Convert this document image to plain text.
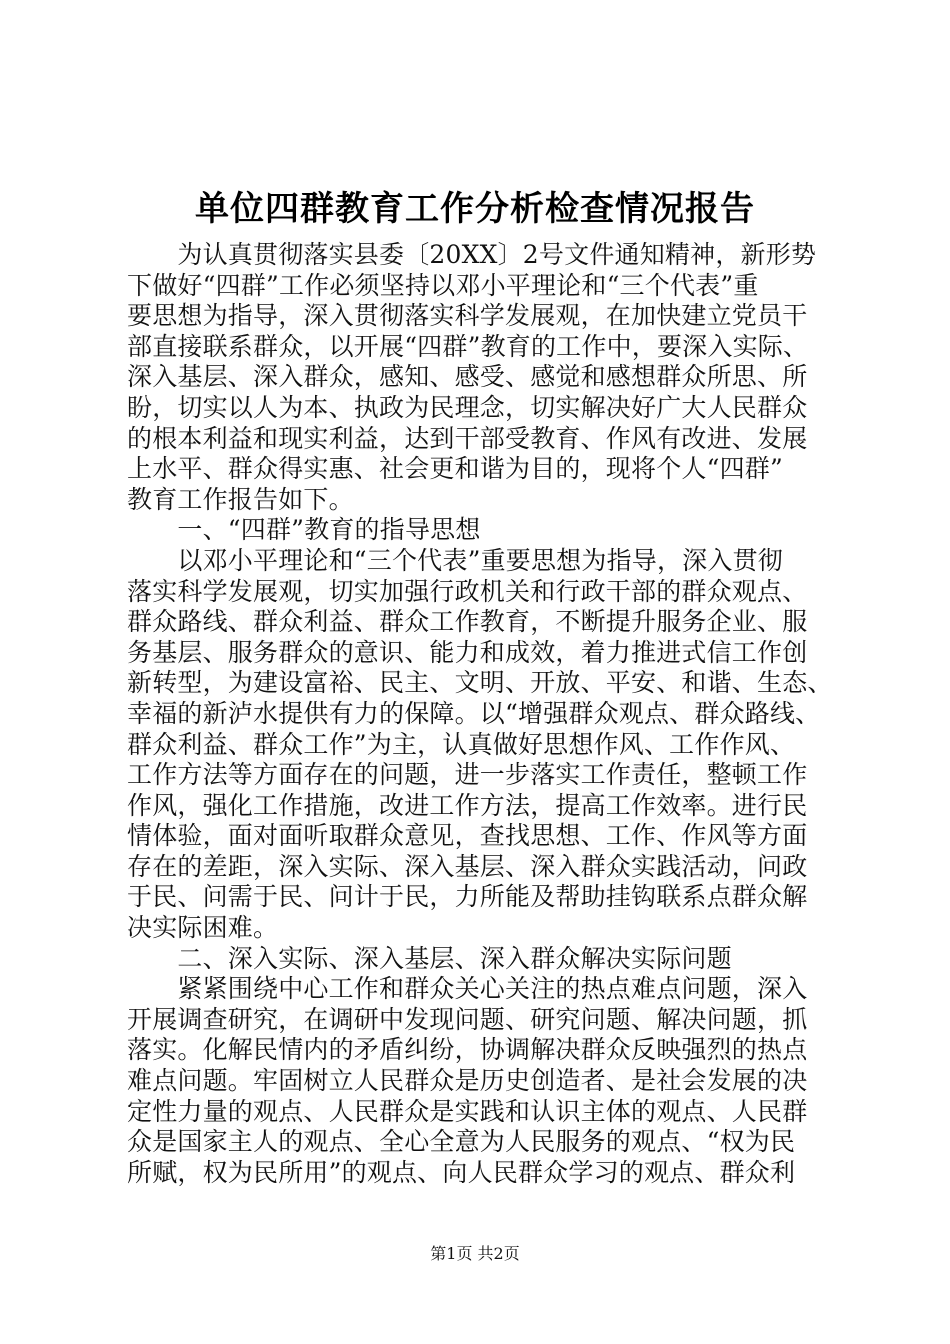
单位四群教育工作分析检查情况报告
　　为认真贯彻落实县委〔20XX〕2号文件通知精神，新形势
下做好“四群”工作必须坚持以邓小平理论和“三个代表”重
要思想为指导，深入贯彻落实科学发展观，在加快建立党员干
部直接联系群众，以开展“四群”教育的工作中，要深入实际、
深入基层、深入群众，感知、感受、感觉和感想群众所思、所
盼，切实以人为本、执政为民理念，切实解决好广大人民群众
的根本利益和现实利益，达到干部受教育、作风有改进、发展
上水平、群众得实惠、社会更和谐为目的，现将个人“四群”
教育工作报告如下。
　　一、“四群”教育的指导思想
　　以邓小平理论和“三个代表”重要思想为指导，深入贯彻
落实科学发展观，切实加强行政机关和行政干部的群众观点、
群众路线、群众利益、群众工作教育，不断提升服务企业、服
务基层、服务群众的意识、能力和成效，着力推进式信工作创
新转型，为建设富裕、民主、文明、开放、平安、和谐、生态、
幸福的新泸水提供有力的保障。以“增强群众观点、群众路线、
群众利益、群众工作”为主，认真做好思想作风、工作作风、
工作方法等方面存在的问题，进一步落实工作责任，整顿工作
作风，强化工作措施，改进工作方法，提高工作效率。进行民
情体验，面对面听取群众意见，查找思想、工作、作风等方面
存在的差距，深入实际、深入基层、深入群众实践活动，问政
于民、问需于民、问计于民，力所能及帮助挂钩联系点群众解
决实际困难。
　　二、深入实际、深入基层、深入群众解决实际问题
　　紧紧围绕中心工作和群众关心关注的热点难点问题，深入
开展调查研究，在调研中发现问题、研究问题、解决问题，抓
落实。化解民情内的矛盾纠纷，协调解决群众反映强烈的热点
难点问题。牢固树立人民群众是历史创造者、是社会发展的决
定性力量的观点、人民群众是实践和认识主体的观点、人民群
众是国家主人的观点、全心全意为人民服务的观点、“权为民
所赋，权为民所用”的观点、向人民群众学习的观点、群众利
第1页 共2页
